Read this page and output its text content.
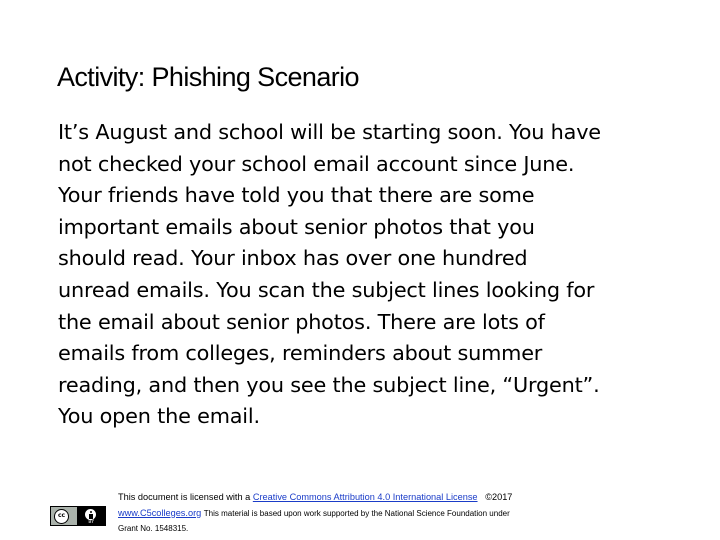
Activity: Phishing Scenario
It’s August and school will be starting soon. You have
not checked your school email account since June.
Your friends have told you that there are some
important emails about senior photos that you
should read. Your inbox has over one hundred
unread emails. You scan the subject lines looking for
the email about senior photos. There are lots of
emails from colleges, reminders about summer
reading, and then you see the subject line, “Urgent”.
You open the email.
cc
BY
This document is licensed with a Creative Commons Attribution 4.0 International License ©2017
www.C5colleges.org This material is based upon work supported by the National Science Foundation under
Grant No. 1548315.
